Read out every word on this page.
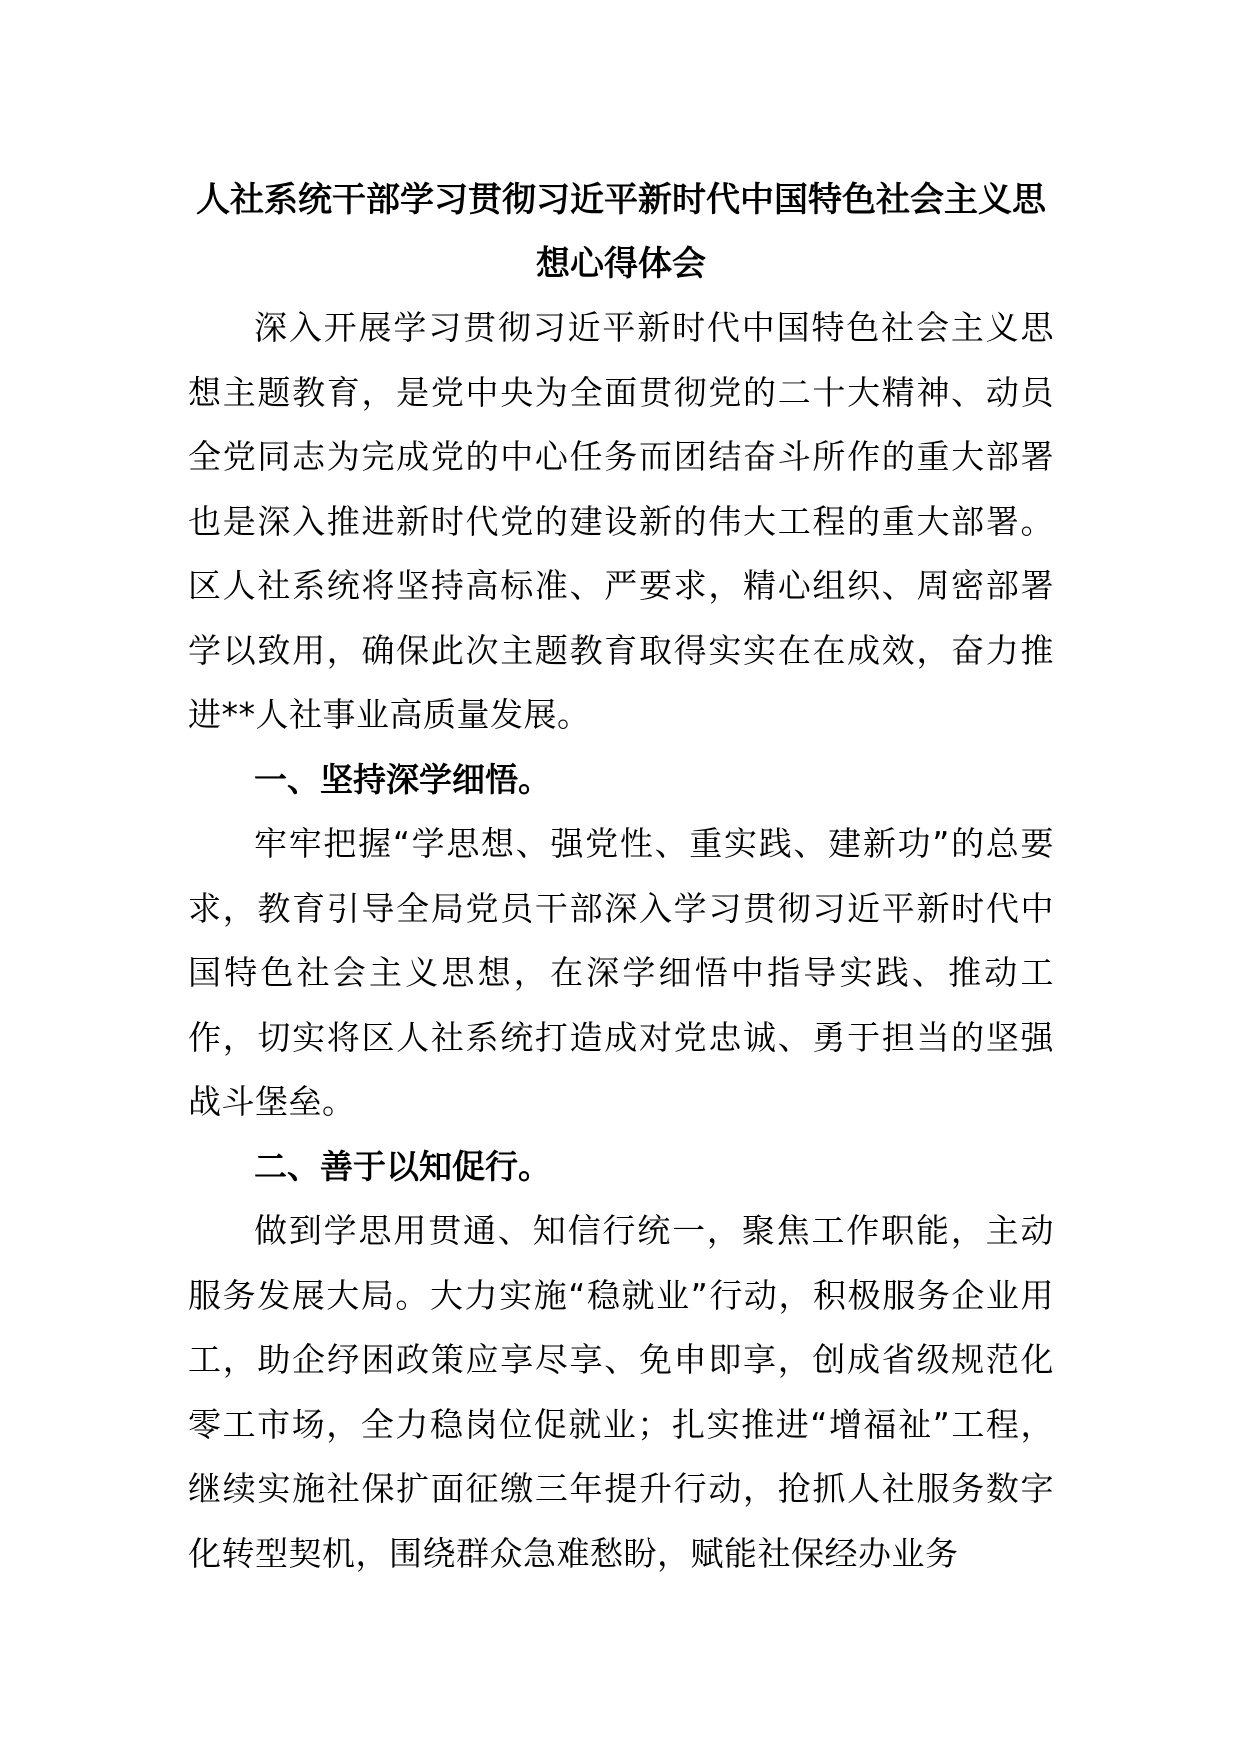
人社系统干部学习贯彻习近平新时代中国特色社会主义思

想心得体会

深入开展学习贯彻习近平新时代中国特色社会主义思想主题教育，是党中央为全面贯彻党的二十大精神、动员全党同志为完成党的中心任务而团结奋斗所作的重大部署也是深入推进新时代党的建设新的伟大工程的重大部署。区人社系统将坚持高标准、严要求，精心组织、周密部署学以致用，确保此次主题教育取得实实在在成效，奋力推进**人社事业高质量发展。

一、坚持深学细悟。

牢牢把握“学思想、强党性、重实践、建新功”的总要求，教育引导全局党员干部深入学习贯彻习近平新时代中国特色社会主义思想，在深学细悟中指导实践、推动工作，切实将区人社系统打造成对党忠诚、勇于担当的坚强战斗堡垒。

二、善于以知促行。

做到学思用贯通、知信行统一，聚焦工作职能，主动服务发展大局。大力实施“稳就业”行动，积极服务企业用工，助企纾困政策应享尽享、免申即享，创成省级规范化零工市场，全力稳岗位促就业；扎实推进“增福祉”工程，继续实施社保扩面征缴三年提升行动，抢抓人社服务数字化转型契机，围绕群众急难愁盼，赋能社保经办业务
